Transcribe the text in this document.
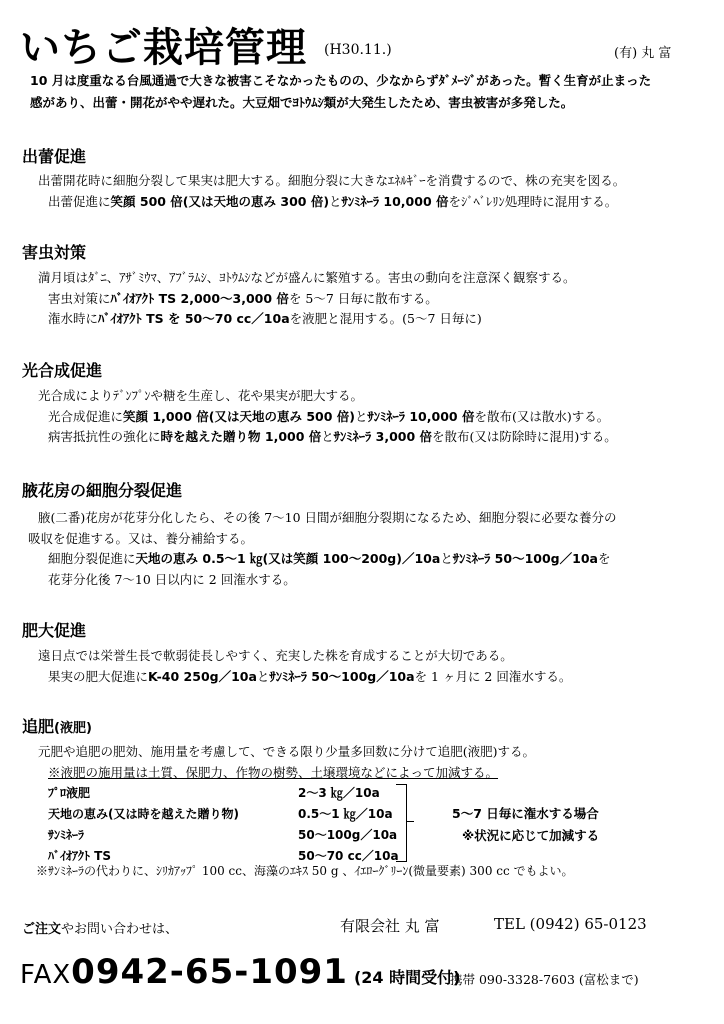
いちご栽培管理 (H30.11.)	(有) 丸 富
10 月は度重なる台風通過で大きな被害こそなかったものの、少なからずﾀﾞﾒｰｼﾞがあった。暫く生育が止まった
感があり、出蕾・開花がやや遅れた。大豆畑でﾖﾄｳﾑｼ類が大発生したため、害虫被害が多発した。
出蕾促進
出蕾開花時に細胞分裂して果実は肥大する。細胞分裂に大きなｴﾈﾙｷﾞｰを消費するので、株の充実を図る。
出蕾促進に笑顔 500 倍(又は天地の恵み 300 倍)とｻﾝﾐﾈｰﾗ 10,000 倍をｼﾞﾍﾞﾚﾘﾝ処理時に混用する。
害虫対策
満月頃はﾀﾞﾆ、ｱｻﾞﾐｳﾏ、ｱﾌﾞﾗﾑｼ、ﾖﾄｳﾑｼなどが盛んに繁殖する。害虫の動向を注意深く観察する。
害虫対策にﾊﾞｲｵｱｸﾄ TS 2,000～3,000 倍を 5～7 日毎に散布する。
潅水時にﾊﾞｲｵｱｸﾄ TS を 50～70 cc／10aを液肥と混用する。(5～7 日毎に)
光合成促進
光合成によりﾃﾞﾝﾌﾟﾝや糖を生産し、花や果実が肥大する。
光合成促進に笑顔 1,000 倍(又は天地の恵み 500 倍)とｻﾝﾐﾈｰﾗ 10,000 倍を散布(又は散水)する。
病害抵抗性の強化に時を越えた贈り物 1,000 倍とｻﾝﾐﾈｰﾗ 3,000 倍を散布(又は防除時に混用)する。
腋花房の細胞分裂促進
腋(二番)花房が花芽分化したら、その後 7～10 日間が細胞分裂期になるため、細胞分裂に必要な養分の
吸収を促進する。又は、養分補給する。
細胞分裂促進に天地の恵み 0.5～1 ㎏(又は笑顔 100～200g)／10aとｻﾝﾐﾈｰﾗ 50～100g／10aを
花芽分化後 7～10 日以内に 2 回潅水する。
肥大促進
遠日点では栄誉生長で軟弱徒長しやすく、充実した株を育成することが大切である。
果実の肥大促進にK-40 250g／10aとｻﾝﾐﾈｰﾗ 50～100g／10aを 1 ヶ月に 2 回潅水する。
追肥(液肥)
元肥や追肥の肥効、施用量を考慮して、できる限り少量多回数に分けて追肥(液肥)する。
※液肥の施用量は土質、保肥力、作物の樹勢、土壌環境などによって加減する。
ﾌﾟﾛ液肥	2～3 ㎏／10a
天地の恵み(又は時を越えた贈り物)	0.5～1 ㎏／10a
ｻﾝﾐﾈｰﾗ	50～100g／10a
ﾊﾞｲｵｱｸﾄ TS	50～70 cc／10a
5～7 日毎に潅水する場合
※状況に応じて加減する
※ｻﾝﾐﾈｰﾗの代わりに、ｼﾘｶｱｯﾌﾟ 100 cc、海藻のｴｷｽ 50 g 、ｲｴﾛｰｸﾞﾘｰﾝ(微量要素) 300 cc でもよい。
ご注文やお問い合わせは、	有限会社 丸 富	TEL (0942) 65-0123
FAX0942-65-1091 (24 時間受付)
携帯 090-3328-7603 (富松まで)
